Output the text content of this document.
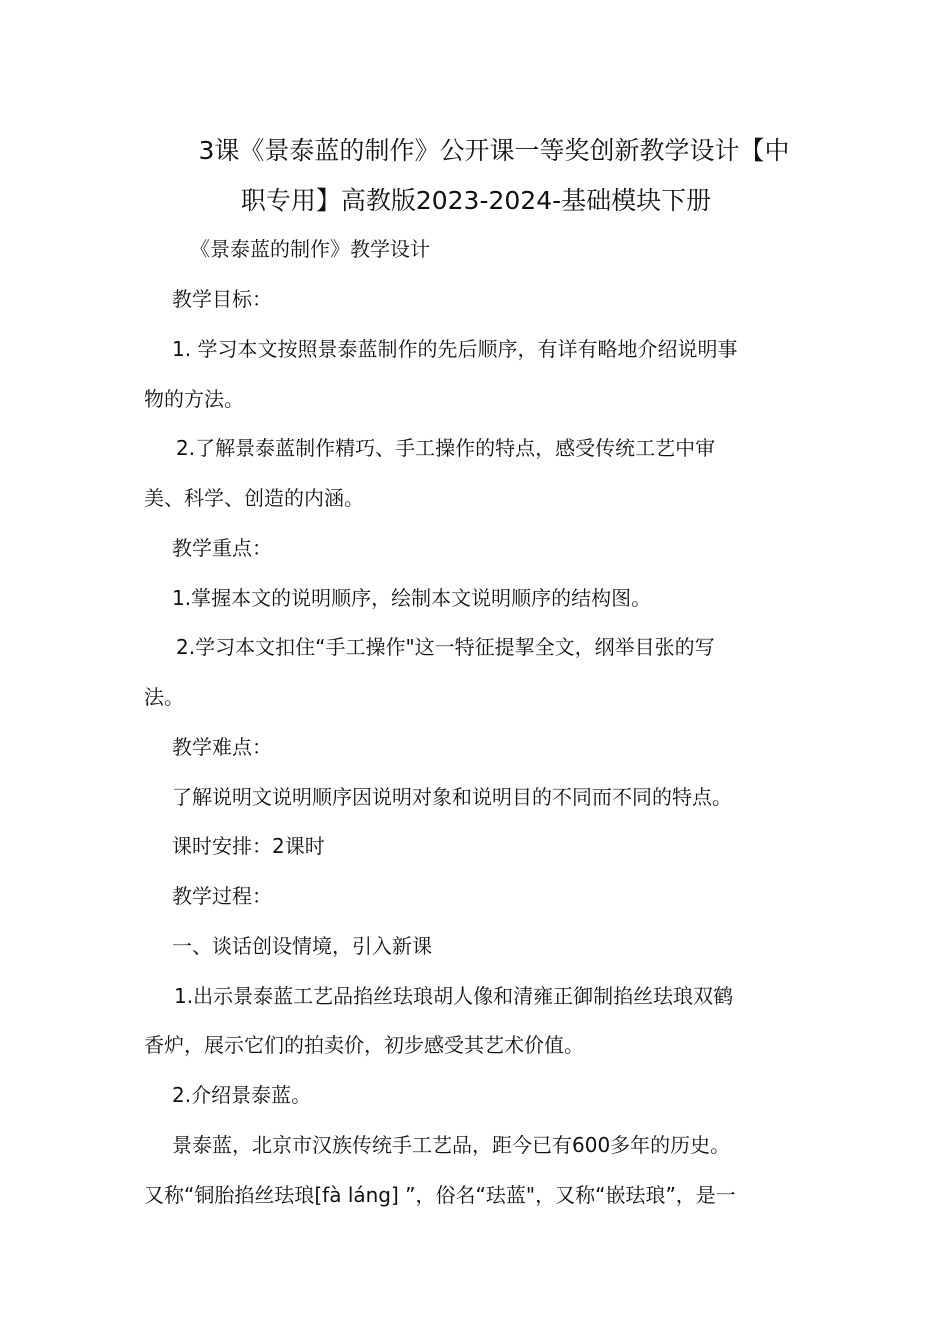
3课《景泰蓝的制作》公开课一等奖创新教学设计【中
职专用】高教版2023-2024-基础模块下册
《景泰蓝的制作》教学设计
教学目标：
1. 学习本文按照景泰蓝制作的先后顺序，有详有略地介绍说明事
物的方法。
2.了解景泰蓝制作精巧、手工操作的特点，感受传统工艺中审
美、科学、创造的内涵。
教学重点：
1.掌握本文的说明顺序，绘制本文说明顺序的结构图。
2.学习本文扣住“手工操作"这一特征提挈全文，纲举目张的写
法。
教学难点：
了解说明文说明顺序因说明对象和说明目的不同而不同的特点。
课时安排：2课时
教学过程：
一、谈话创设情境，引入新课
1.出示景泰蓝工艺品掐丝珐琅胡人像和清雍正御制掐丝珐琅双鹤
香炉，展示它们的拍卖价，初步感受其艺术价值。
2.介绍景泰蓝。
景泰蓝，北京市汉族传统手工艺品，距今已有600多年的历史。
又称“铜胎掐丝珐琅[fà láng] ”，俗名“珐蓝"，又称“嵌珐琅”，是一
